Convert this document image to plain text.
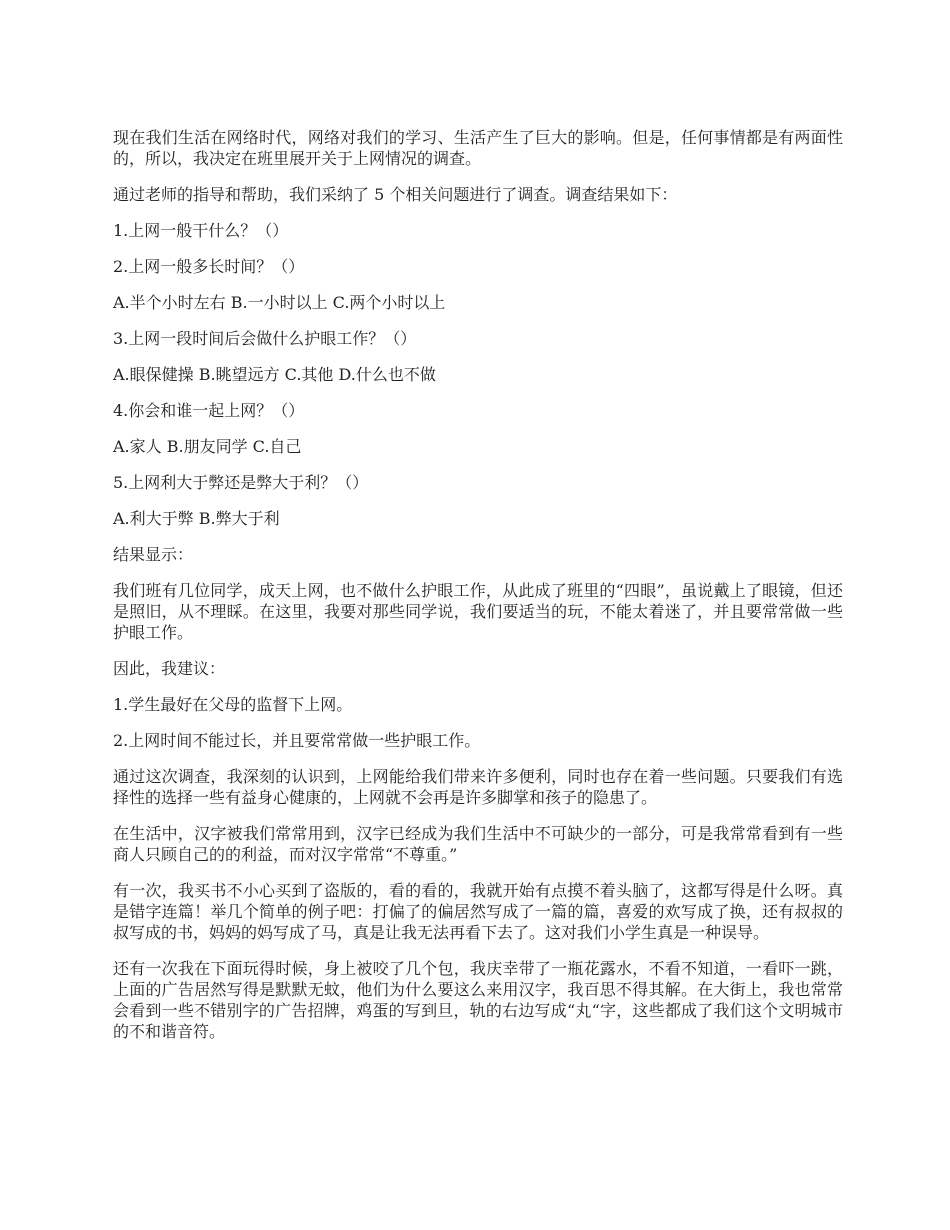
现在我们生活在网络时代，网络对我们的学习、生活产生了巨大的影响。但是，任何事情都是有两面性的，所以，我决定在班里展开关于上网情况的调查。

通过老师的指导和帮助，我们采纳了 5 个相关问题进行了调查。调查结果如下：

1.上网一般干什么？（）

2.上网一般多长时间？（）

A.半个小时左右 B.一小时以上 C.两个小时以上

3.上网一段时间后会做什么护眼工作？（）

A.眼保健操 B.眺望远方 C.其他 D.什么也不做

4.你会和谁一起上网？（）

A.家人 B.朋友同学 C.自己

5.上网利大于弊还是弊大于利？（）

A.利大于弊 B.弊大于利

结果显示：

我们班有几位同学，成天上网，也不做什么护眼工作，从此成了班里的“四眼”，虽说戴上了眼镜，但还是照旧，从不理睬。在这里，我要对那些同学说，我们要适当的玩，不能太着迷了，并且要常常做一些护眼工作。

因此，我建议：

1.学生最好在父母的监督下上网。

2.上网时间不能过长，并且要常常做一些护眼工作。

通过这次调查，我深刻的认识到，上网能给我们带来许多便利，同时也存在着一些问题。只要我们有选择性的选择一些有益身心健康的，上网就不会再是许多脚掌和孩子的隐患了。

在生活中，汉字被我们常常用到，汉字已经成为我们生活中不可缺少的一部分，可是我常常看到有一些商人只顾自己的的利益，而对汉字常常“不尊重。”

有一次，我买书不小心买到了盗版的，看的看的，我就开始有点摸不着头脑了，这都写得是什么呀。真是错字连篇！举几个简单的例子吧：打偏了的偏居然写成了一篇的篇，喜爱的欢写成了换，还有叔叔的叔写成的书，妈妈的妈写成了马，真是让我无法再看下去了。这对我们小学生真是一种误导。

还有一次我在下面玩得时候，身上被咬了几个包，我庆幸带了一瓶花露水，不看不知道，一看吓一跳，上面的广告居然写得是默默无蚊，他们为什么要这么来用汉字，我百思不得其解。在大街上，我也常常会看到一些不错别字的广告招牌，鸡蛋的写到旦，轨的右边写成“丸“字，这些都成了我们这个文明城市的不和谐音符。
